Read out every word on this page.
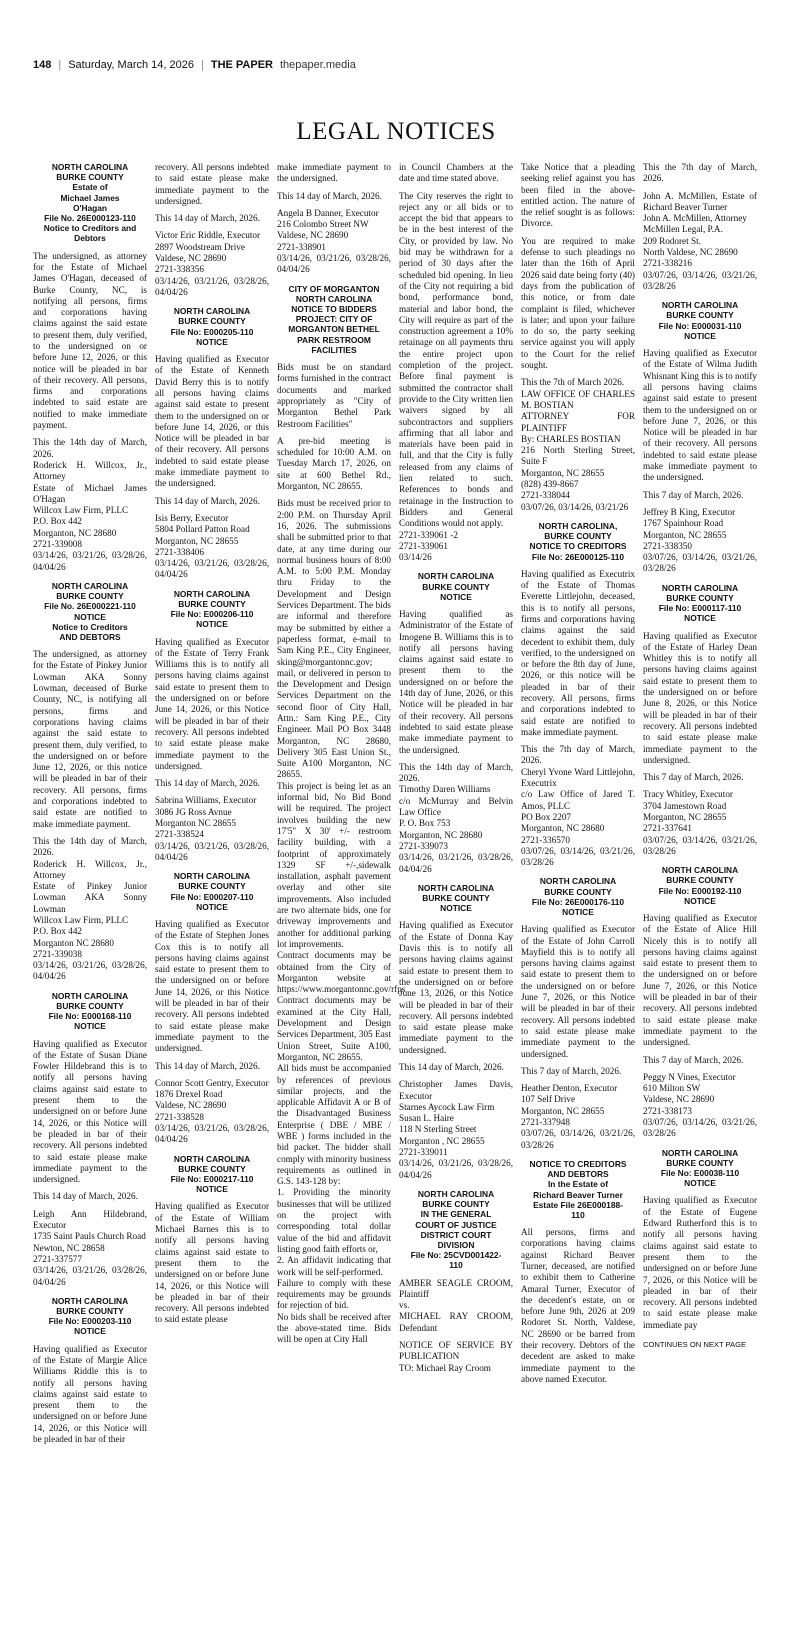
148 | Saturday, March 14, 2026 | THE PAPER thepaper.media
LEGAL NOTICES
NORTH CAROLINA
BURKE COUNTY
Estate of
Michael James
O'Hagan
File No. 26E000123-110
Notice to Creditors and
Debtors
The undersigned, as attorney for the Estate of Michael James O'Hagan, deceased of Burke County, NC, is notifying all persons, firms and corporations having claims against the said estate to present them, duly verified, to the undersigned on or before June 12, 2026, or this notice will be pleaded in bar of their recovery. All persons, firms and corporations indebted to said estate are notified to make immediate payment.
This the 14th day of March, 2026.
Roderick H. Willcox, Jr., Attorney
Estate of Michael James O'Hagan
Willcox Law Firm, PLLC
P.O. Box 442
Morganton, NC 28680
2721-339008
03/14/26, 03/21/26, 03/28/26, 04/04/26
NORTH CAROLINA
BURKE COUNTY
File No. 26E000221-110
NOTICE
Notice to Creditors
AND DEBTORS
The undersigned, as attorney for the Estate of Pinkey Junior Lowman AKA Sonny Lowman, deceased of Burke County, NC, is notifying all persons, firms and corporations having claims against the said estate to present them, duly verified, to the undersigned on or before June 12, 2026, or this notice will be pleaded in bar of their recovery. All persons, firms and corporations indebted to said estate are notified to make immediate payment.
This the 14th day of March, 2026.
Roderick H. Willcox, Jr., Attorney
Estate of Pinkey Junior Lowman AKA Sonny Lowman
Willcox Law Firm, PLLC
P.O. Box 442
Morganton NC 28680
2721-339038
03/14/26, 03/21/26, 03/28/26, 04/04/26
NORTH CAROLINA
BURKE COUNTY
File No: E000168-110
NOTICE
Having qualified as Executor of the Estate of Susan Diane Fowler Hildebrand this is to notify all persons having claims against said estate to present them to the undersigned on or before June 14, 2026, or this Notice will be pleaded in bar of their recovery. All persons indebted to said estate please make immediate payment to the undersigned.
This 14 day of March, 2026.
Leigh Ann Hildebrand, Executor
1735 Saint Pauls Church Road
Newton, NC 28658
2721-337577
03/14/26, 03/21/26, 03/28/26, 04/04/26
NORTH CAROLINA
BURKE COUNTY
File No: E000203-110
NOTICE
Having qualified as Executor of the Estate of Margie Alice Williams Riddle this is to notify all persons having claims against said estate to present them to the undersigned on or before June 14, 2026, or this Notice will be pleaded in bar of their
recovery. All persons indebted to said estate please make immediate payment to the undersigned.
This 14 day of March, 2026.
Victor Eric Riddle, Executor
2897 Woodstream Drive
Valdese, NC 28690
2721-338356
03/14/26, 03/21/26, 03/28/26, 04/04/26
NORTH CAROLINA
BURKE COUNTY
File No: E000205-110
NOTICE
Having qualified as Executor of the Estate of Kenneth David Berry this is to notify all persons having claims against said estate to present them to the undersigned on or before June 14, 2026, or this Notice will be pleaded in bar of their recovery. All persons indebted to said estate please make immediate payment to the undersigned.
This 14 day of March, 2026.
Isis Berry, Executor
5804 Pollard Patton Road
Morganton, NC 28655
2721-338406
03/14/26, 03/21/26, 03/28/26, 04/04/26
NORTH CAROLINA
BURKE COUNTY
File No: E000206-110
NOTICE
Having qualified as Executor of the Estate of Terry Frank Williams this is to notify all persons having claims against said estate to present them to the undersigned on or before June 14, 2026, or this Notice will be pleaded in bar of their recovery. All persons indebted to said estate please make immediate payment to the undersigned.
This 14 day of March, 2026.
Sabrina Williams, Executor
3086 JG Ross Avnue
Morganton NC 28655
2721-338524
03/14/26, 03/21/26, 03/28/26, 04/04/26
NORTH CAROLINA
BURKE COUNTY
File No: E000207-110
NOTICE
Having qualified as Executor of the Estate of Stephen Jones Cox this is to notify all persons having claims against said estate to present them to the undersigned on or before June 14, 2026, or this Notice will be pleaded in bar of their recovery. All persons indebted to said estate please make immediate payment to the undersigned.
This 14 day of March, 2026.
Connor Scott Gentry, Executor
1876 Drexel Road
Valdese, NC 28690
2721-338528
03/14/26, 03/21/26, 03/28/26, 04/04/26
NORTH CAROLINA
BURKE COUNTY
File No: E000217-110
NOTICE
Having qualified as Executor of the Estate of William Michael Barnes this is to notify all persons having claims against said estate to present them to the undersigned on or before June 14, 2026, or this Notice will be pleaded in bar of their recovery. All persons indebted to said estate please
make immediate payment to the undersigned.
This 14 day of March, 2026.
Angela B Danner, Executor
216 Colombo Street NW
Valdese, NC 28690
2721-338901
03/14/26, 03/21/26, 03/28/26, 04/04/26
CITY OF MORGANTON
NORTH CAROLINA
NOTICE TO BIDDERS
PROJECT: CITY OF
MORGANTON BETHEL
PARK RESTROOM
FACILITIES
Bids must be on standard forms furnished in the contract documents and marked appropriately as "City of Morganton Bethel Park Restroom Facilities"
A pre-bid meeting is scheduled for 10:00 A.M. on Tuesday March 17, 2026, on site at 600 Bethel Rd., Morganton, NC 28655.
Bids must be received prior to 2:00 P.M. on Thursday April 16, 2026. The submissions shall be submitted prior to that date, at any time during our normal business hours of 8:00 A.M. to 5:00 P.M. Monday thru Friday to the Development and Design Services Department. The bids are informal and therefore may be submitted by either a paperless format, e-mail to Sam King P.E., City Engineer, sking@morgantonnc.gov; mail, or delivered in person to the Development and Design Services Department on the second floor of City Hall, Attn.: Sam King P.E., City Engineer. Mail PO Box 3448 Morganton, NC 28680, Delivery 305 East Union St., Suite A100 Morganton, NC 28655.
This project is being let as an informal bid, No Bid Bond will be required. The project involves building the new 17'5" X 30' +/- restroom facility building, with a footprint of approximately 1329 SF +/-,sidewalk installation, asphalt pavement overlay and other site improvements. Also included are two alternate bids, one for driveway improvements and another for additional parking lot improvements.
Contract documents may be obtained from the City of Morganton website at https://www.morgantonnc.gov/rfps
Contract documents may be examined at the City Hall, Development and Design Services Department, 305 East Union Street, Suite A100, Morganton, NC 28655.
All bids must be accompanied by references of previous similar projects, and the applicable Affidavit A or B of the Disadvantaged Business Enterprise ( DBE / MBE / WBE ) forms included in the bid packet. The bidder shall comply with minority business requirements as outlined in G.S. 143-128 by:
1. Providing the minority businesses that will be utilized on the project with corresponding total dollar value of the bid and affidavit listing good faith efforts or,
2. An affidavit indicating that work will be self-performed.
Failure to comply with these requirements may be grounds for rejection of bid.
No bids shall be received after the above-stated time. Bids will be open at City Hall
in Council Chambers at the date and time stated above.
The City reserves the right to reject any or all bids or to accept the bid that appears to be in the best interest of the City, or provided by law. No bid may be withdrawn for a period of 30 days after the scheduled bid opening. In lieu of the City not requiring a bid bond, performance bond, material and labor bond, the City will require as part of the construction agreement a 10% retainage on all payments thru the entire project upon completion of the project. Before final payment is submitted the contractor shall provide to the City written lien waivers signed by all subcontractors and suppliers affirming that all labor and materials have been paid in full, and that the City is fully released from any claims of lien related to such. References to bonds and retainage in the Instruction to Bidders and General Conditions would not apply.
2721-339061 -2
2721-339061
03/14/26
NORTH CAROLINA
BURKE COUNTY
NOTICE
Having qualified as Administrator of the Estate of Imogene B. Williams this is to notify all persons having claims against said estate to present them to the undersigned on or before the 14th day of June, 2026, or this Notice will be pleaded in bar of their recovery. All persons indebted to said estate please make immediate payment to the undersigned.
This the 14th day of March, 2026.
Timothy Daren Williams
c/o McMurray and Belvin Law Office
P. O. Box 753
Morganton, NC 28680
2721-339073
03/14/26, 03/21/26, 03/28/26, 04/04/26
NORTH CAROLINA
BURKE COUNTY
NOTICE
Having qualified as Executor of the Estate of Donna Kay Davis this is to notify all persons having claims against said estate to present them to the undersigned on or before June 13, 2026, or this Notice will be pleaded in bar of their recovery. All persons indebted to said estate please make immediate payment to the undersigned.
This 14 day of March, 2026.
Christopher James Davis, Executor
Starnes Aycock Law Firm
Susan L. Haire
118 N Sterling Street
Morganton , NC 28655
2721-339011
03/14/26, 03/21/26, 03/28/26, 04/04/26
NORTH CAROLINA
BURKE COUNTY
IN THE GENERAL
COURT OF JUSTICE
DISTRICT COURT
DIVISION
File No: 25CVD001422-
110
AMBER SEAGLE CROOM, Plaintiff
vs.
MICHAEL RAY CROOM, Defendant
NOTICE OF SERVICE BY PUBLICATION
TO: Michael Ray Croom
Take Notice that a pleading seeking relief against you has been filed in the above-entitled action. The nature of the relief sought is as follows: Divorce.
You are required to make defense to such pleadings no later than the 16th of April 2026 said date being forty (40) days from the publication of this notice, or from date complaint is filed, whichever is later; and upon your failure to do so, the party seeking service against you will apply to the Court for the relief sought.
This the 7th of March 2026.
LAW OFFICE OF CHARLES M. BOSTIAN
ATTORNEY FOR PLAINTIFF
By: CHARLES BOSTIAN
216 North Sterling Street, Suite F
Morganton, NC 28655
(828) 439-8667
2721-338044
03/07/26, 03/14/26, 03/21/26
NORTH CAROLINA,
BURKE COUNTY
NOTICE TO CREDITORS
File No: 26E000125-110
Having qualified as Executrix of the Estate of Thomas Everette Littlejohn, deceased, this is to notify all persons, firms and corporations having claims against the said decedent to exhibit them, duly verified, to the undersigned on or before the 8th day of June, 2026, or this notice will be pleaded in bar of their recovery. All persons, firms and corporations indebted to said estate are notified to make immediate payment.
This the 7th day of March, 2026.
Cheryl Yvone Ward Littlejohn, Executrix
c/o Law Office of Jared T. Amos, PLLC
PO Box 2207
Morganton, NC 28680
2721-336570
03/07/26, 03/14/26, 03/21/26, 03/28/26
NORTH CAROLINA
BURKE COUNTY
File No: 26E000176-110
NOTICE
Having qualified as Executor of the Estate of John Carroll Mayfield this is to notify all persons having claims against said estate to present them to the undersigned on or before June 7, 2026, or this Notice will be pleaded in bar of their recovery. All persons indebted to said estate please make immediate payment to the undersigned.
This 7 day of March, 2026.
Heather Denton, Executor
107 Self Drive
Morganton, NC 28655
2721-337948
03/07/26, 03/14/26, 03/21/26, 03/28/26
NOTICE TO CREDITORS
AND DEBTORS
In the Estate of
Richard Beaver Turner
Estate File 26E000188-
110
All persons, firms and corporations having claims against Richard Beaver Turner, deceased, are notified to exhibit them to Catherine Amaral Turner, Executor of the decedent's estate, on or before June 9th, 2026 at 209 Rodoret St. North, Valdese, NC 28690 or be barred from their recovery. Debtors of the decedent are asked to make immediate payment to the above named Executor.
This the 7th day of March, 2026.
John A. McMillen, Estate of Richard Beaver Turner
John A. McMillen, Attorney
McMillen Legal, P.A.
209 Rodoret St.
North Valdese, NC 28690
2721-338216
03/07/26, 03/14/26, 03/21/26, 03/28/26
NORTH CAROLINA
BURKE COUNTY
File No: E000031-110
NOTICE
Having qualified as Executor of the Estate of Wilma Judith Whisnant King this is to notify all persons having claims against said estate to present them to the undersigned on or before June 7, 2026, or this Notice will be pleaded in bar of their recovery. All persons indebted to said estate please make immediate payment to the undersigned.
This 7 day of March, 2026.
Jeffrey B King, Executor
1767 Spainhour Road
Morganton, NC 28655
2721-338350
03/07/26, 03/14/26, 03/21/26, 03/28/26
NORTH CAROLINA
BURKE COUNTY
File No: E000117-110
NOTICE
Having qualified as Executor of the Estate of Harley Dean Whitley this is to notify all persons having claims against said estate to present them to the undersigned on or before June 8, 2026, or this Notice will be pleaded in bar of their recovery. All persons indebted to said estate please make immediate payment to the undersigned.
This 7 day of March, 2026.
Tracy Whitley, Executor
3704 Jamestown Road
Morganton, NC 28655
2721-337641
03/07/26, 03/14/26, 03/21/26, 03/28/26
NORTH CAROLINA
BURKE COUNTY
File No: E000192-110
NOTICE
Having qualified as Executor of the Estate of Alice Hill Nicely this is to notify all persons having claims against said estate to present them to the undersigned on or before June 7, 2026, or this Notice will be pleaded in bar of their recovery. All persons indebted to said estate please make immediate payment to the undersigned.
This 7 day of March, 2026.
Peggy N Vines, Executor
610 Milton SW
Valdese, NC 28690
2721-338173
03/07/26, 03/14/26, 03/21/26, 03/28/26
NORTH CAROLINA
BURKE COUNTY
File No: E00038-110
NOTICE
Having qualified as Executor of the Estate of Eugene Edward Rutherford this is to notify all persons having claims against said estate to present them to the undersigned on or before June 7, 2026, or this Notice will be pleaded in bar of their recovery. All persons indebted to said estate please make immediate pay
CONTINUES ON NEXT PAGE
